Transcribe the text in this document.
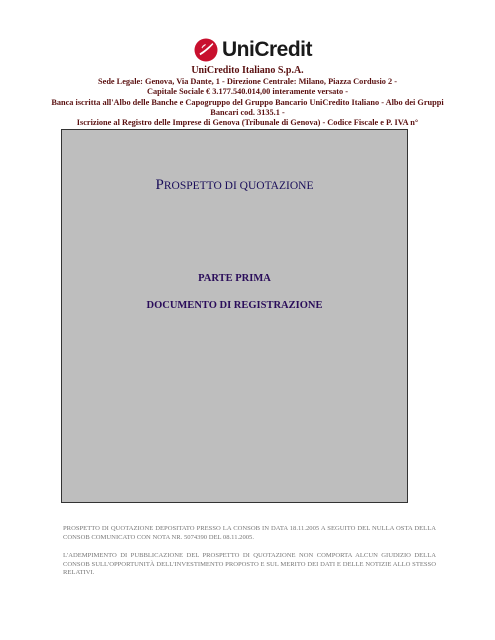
UniCredit
UniCredito Italiano S.p.A.
Sede Legale: Genova, Via Dante, 1 - Direzione Centrale: Milano, Piazza Cordusio 2 -
Capitale Sociale € 3.177.540.014,00 interamente versato -
Banca iscritta all'Albo delle Banche e Capogruppo del Gruppo Bancario UniCredito Italiano - Albo dei Gruppi
Bancari cod. 3135.1 -
Iscrizione al Registro delle Imprese di Genova (Tribunale di Genova) - Codice Fiscale e P. IVA n°
PROSPETTO DI QUOTAZIONE
PARTE PRIMA
DOCUMENTO DI REGISTRAZIONE

PROSPETTO DI QUOTAZIONE DEPOSITATO PRESSO LA CONSOB IN DATA 18.11.2005 A SEGUITO DEL NULLA OSTA DELLA CONSOB COMUNICATO CON NOTA NR. 5074390 DEL 08.11.2005.

L'ADEMPIMENTO DI PUBBLICAZIONE DEL PROSPETTO DI QUOTAZIONE NON COMPORTA ALCUN GIUDIZIO DELLA CONSOB SULL'OPPORTUNITÀ DELL'INVESTIMENTO PROPOSTO E SUL MERITO DEI DATI E DELLE NOTIZIE ALLO STESSO RELATIVI.
